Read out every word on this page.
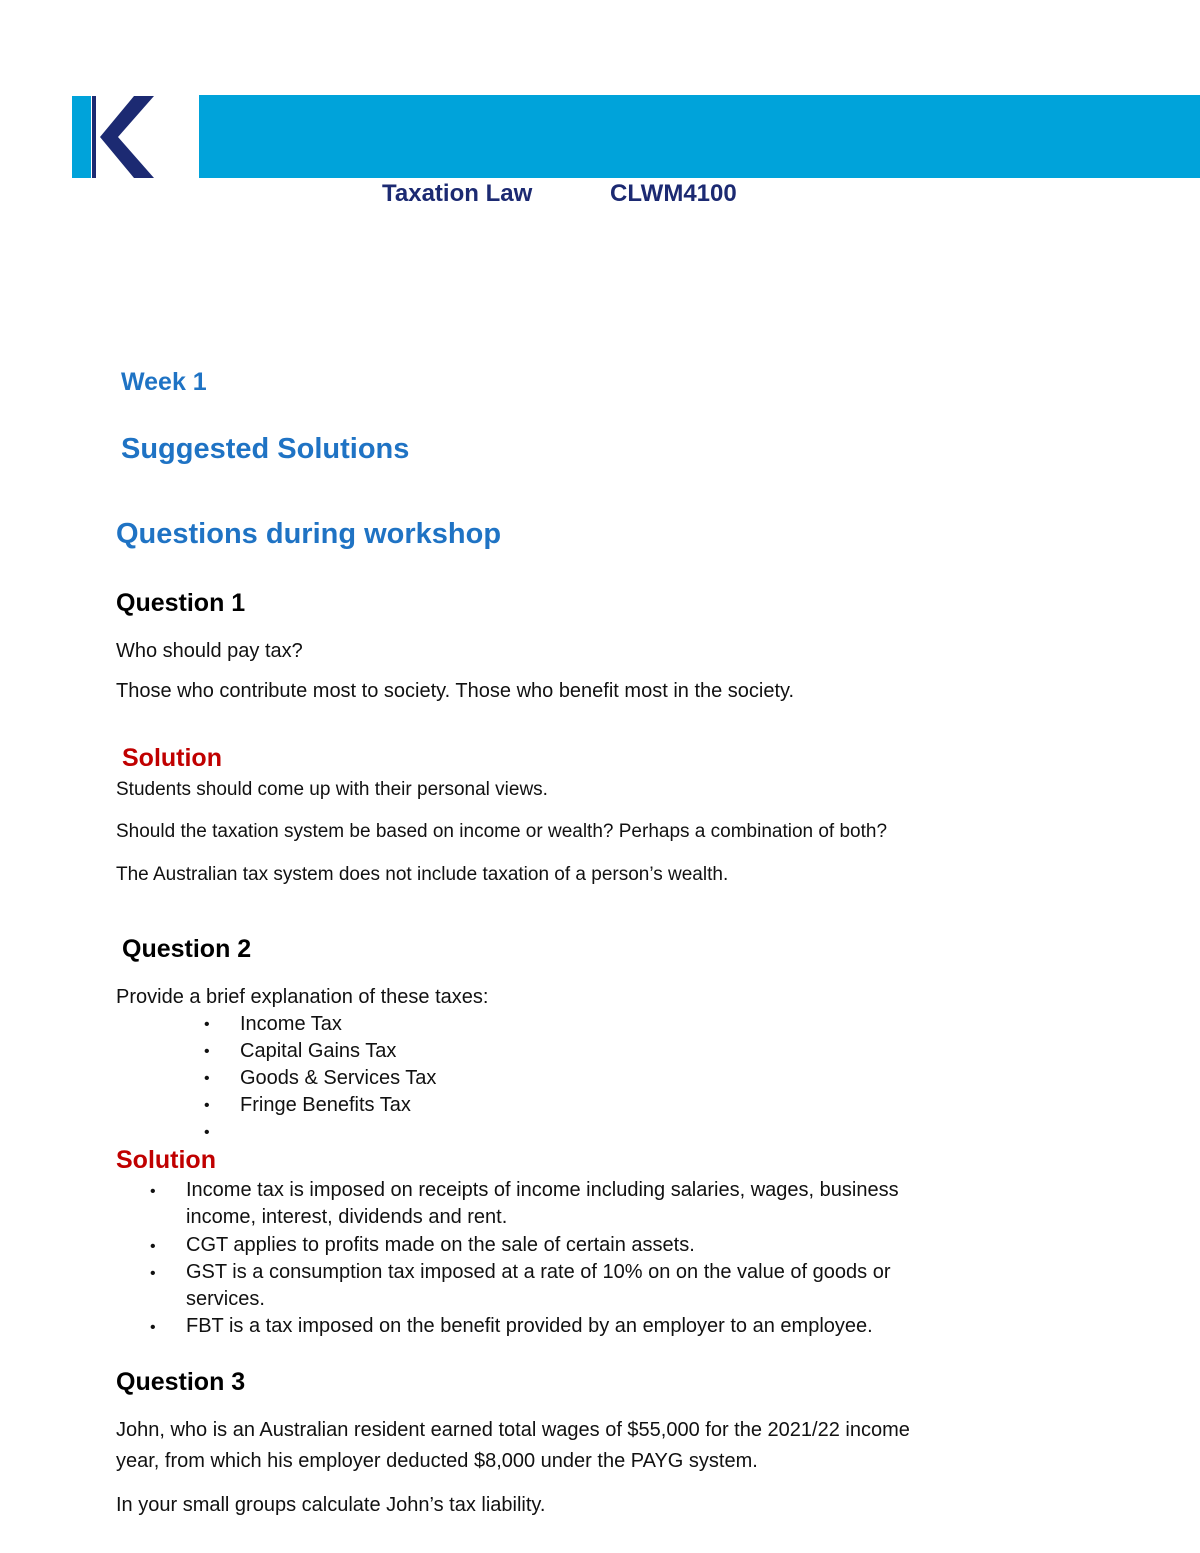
Taxation Law	CLWM4100
Week 1
Suggested Solutions
Questions during workshop
Question 1
Who should pay tax?
Those who contribute most to society. Those who benefit most in the society.
Solution
Students should come up with their personal views.
Should the taxation system be based on income or wealth? Perhaps a combination of both?
The Australian tax system does not include taxation of a person’s wealth.
Question 2
Provide a brief explanation of these taxes:
• Income Tax
• Capital Gains Tax
• Goods & Services Tax
• Fringe Benefits Tax
•
Solution
• Income tax is imposed on receipts of income including salaries, wages, business
income, interest, dividends and rent.
• CGT applies to profits made on the sale of certain assets.
• GST is a consumption tax imposed at a rate of 10% on on the value of goods or
services.
• FBT is a tax imposed on the benefit provided by an employer to an employee.
Question 3
John, who is an Australian resident earned total wages of $55,000 for the 2021/22 income
year, from which his employer deducted $8,000 under the PAYG system.
In your small groups calculate John’s tax liability.
